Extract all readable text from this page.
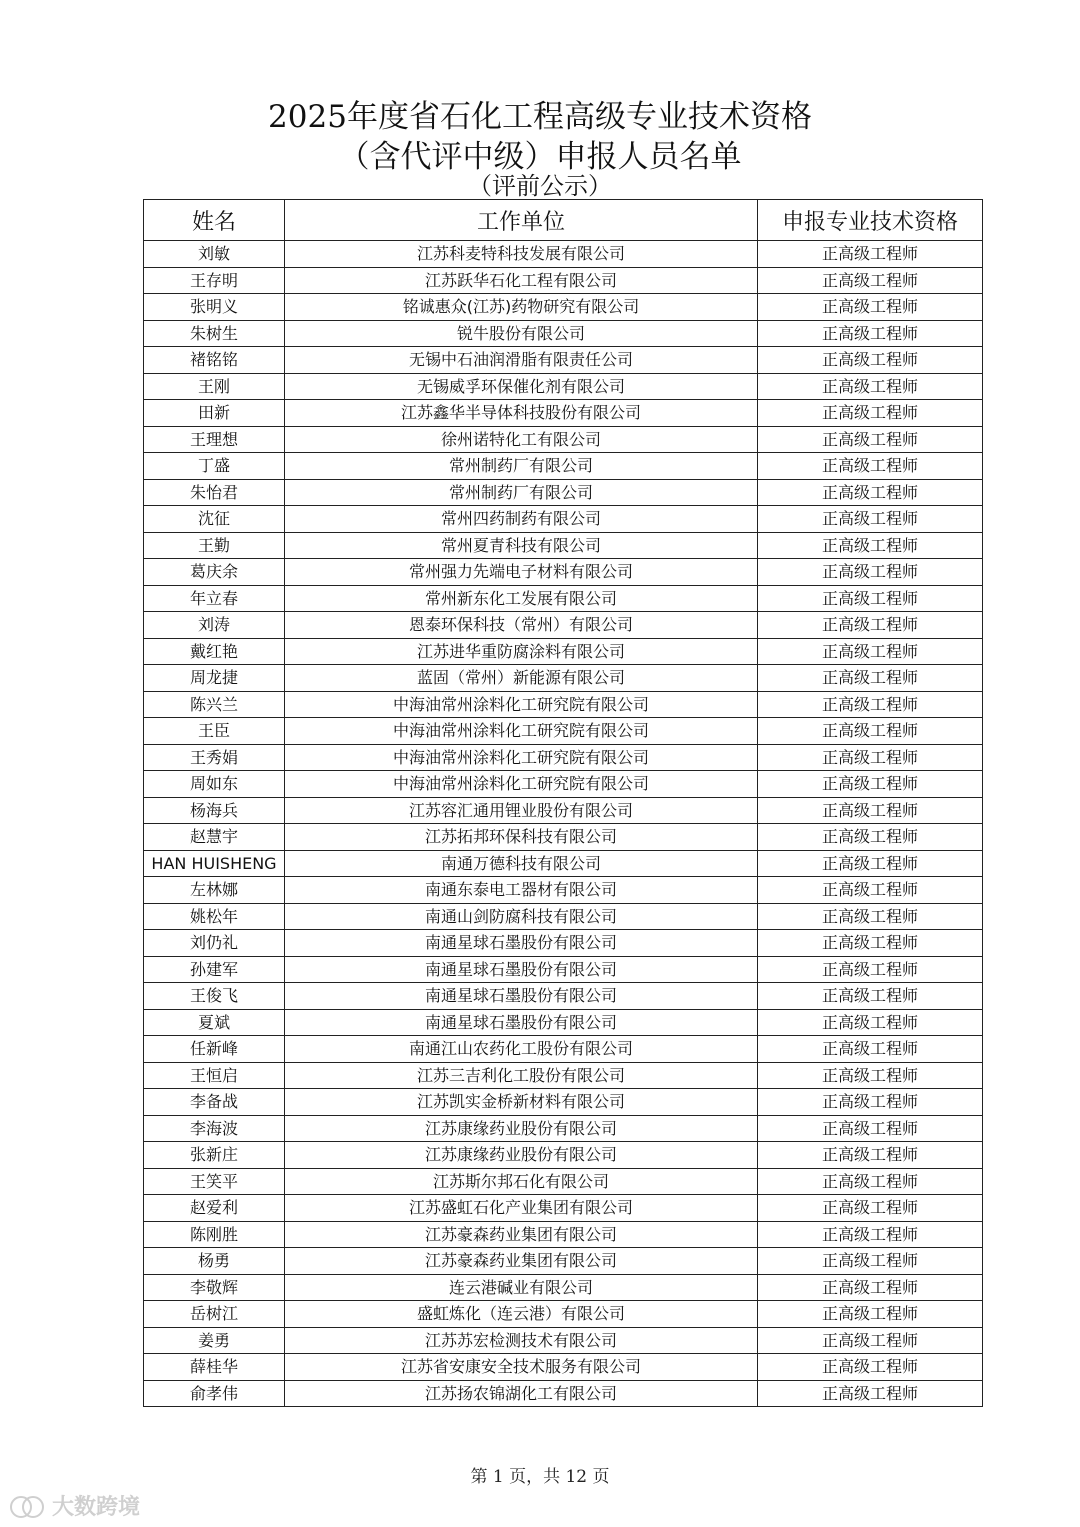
2025年度省石化工程高级专业技术资格
（含代评中级）申报人员名单
（评前公示）
姓名	工作单位	申报专业技术资格
刘敏	江苏科麦特科技发展有限公司	正高级工程师
王存明	江苏跃华石化工程有限公司	正高级工程师
张明义	铭诚惠众(江苏)药物研究有限公司	正高级工程师
朱树生	锐牛股份有限公司	正高级工程师
褚铭铭	无锡中石油润滑脂有限责任公司	正高级工程师
王刚	无锡威孚环保催化剂有限公司	正高级工程师
田新	江苏鑫华半导体科技股份有限公司	正高级工程师
王理想	徐州诺特化工有限公司	正高级工程师
丁盛	常州制药厂有限公司	正高级工程师
朱怡君	常州制药厂有限公司	正高级工程师
沈征	常州四药制药有限公司	正高级工程师
王勤	常州夏青科技有限公司	正高级工程师
葛庆余	常州强力先端电子材料有限公司	正高级工程师
年立春	常州新东化工发展有限公司	正高级工程师
刘涛	恩泰环保科技（常州）有限公司	正高级工程师
戴红艳	江苏进华重防腐涂料有限公司	正高级工程师
周龙捷	蓝固（常州）新能源有限公司	正高级工程师
陈兴兰	中海油常州涂料化工研究院有限公司	正高级工程师
王臣	中海油常州涂料化工研究院有限公司	正高级工程师
王秀娟	中海油常州涂料化工研究院有限公司	正高级工程师
周如东	中海油常州涂料化工研究院有限公司	正高级工程师
杨海兵	江苏容汇通用锂业股份有限公司	正高级工程师
赵慧宇	江苏拓邦环保科技有限公司	正高级工程师
HAN HUISHENG	南通万德科技有限公司	正高级工程师
左林娜	南通东泰电工器材有限公司	正高级工程师
姚松年	南通山剑防腐科技有限公司	正高级工程师
刘仍礼	南通星球石墨股份有限公司	正高级工程师
孙建军	南通星球石墨股份有限公司	正高级工程师
王俊飞	南通星球石墨股份有限公司	正高级工程师
夏斌	南通星球石墨股份有限公司	正高级工程师
任新峰	南通江山农药化工股份有限公司	正高级工程师
王恒启	江苏三吉利化工股份有限公司	正高级工程师
李备战	江苏凯实金桥新材料有限公司	正高级工程师
李海波	江苏康缘药业股份有限公司	正高级工程师
张新庄	江苏康缘药业股份有限公司	正高级工程师
王笑平	江苏斯尔邦石化有限公司	正高级工程师
赵爱利	江苏盛虹石化产业集团有限公司	正高级工程师
陈刚胜	江苏豪森药业集团有限公司	正高级工程师
杨勇	江苏豪森药业集团有限公司	正高级工程师
李敬辉	连云港碱业有限公司	正高级工程师
岳树江	盛虹炼化（连云港）有限公司	正高级工程师
姜勇	江苏苏宏检测技术有限公司	正高级工程师
薛桂华	江苏省安康安全技术服务有限公司	正高级工程师
俞孝伟	江苏扬农锦湖化工有限公司	正高级工程师
第 1 页，共 12 页
大数跨境
